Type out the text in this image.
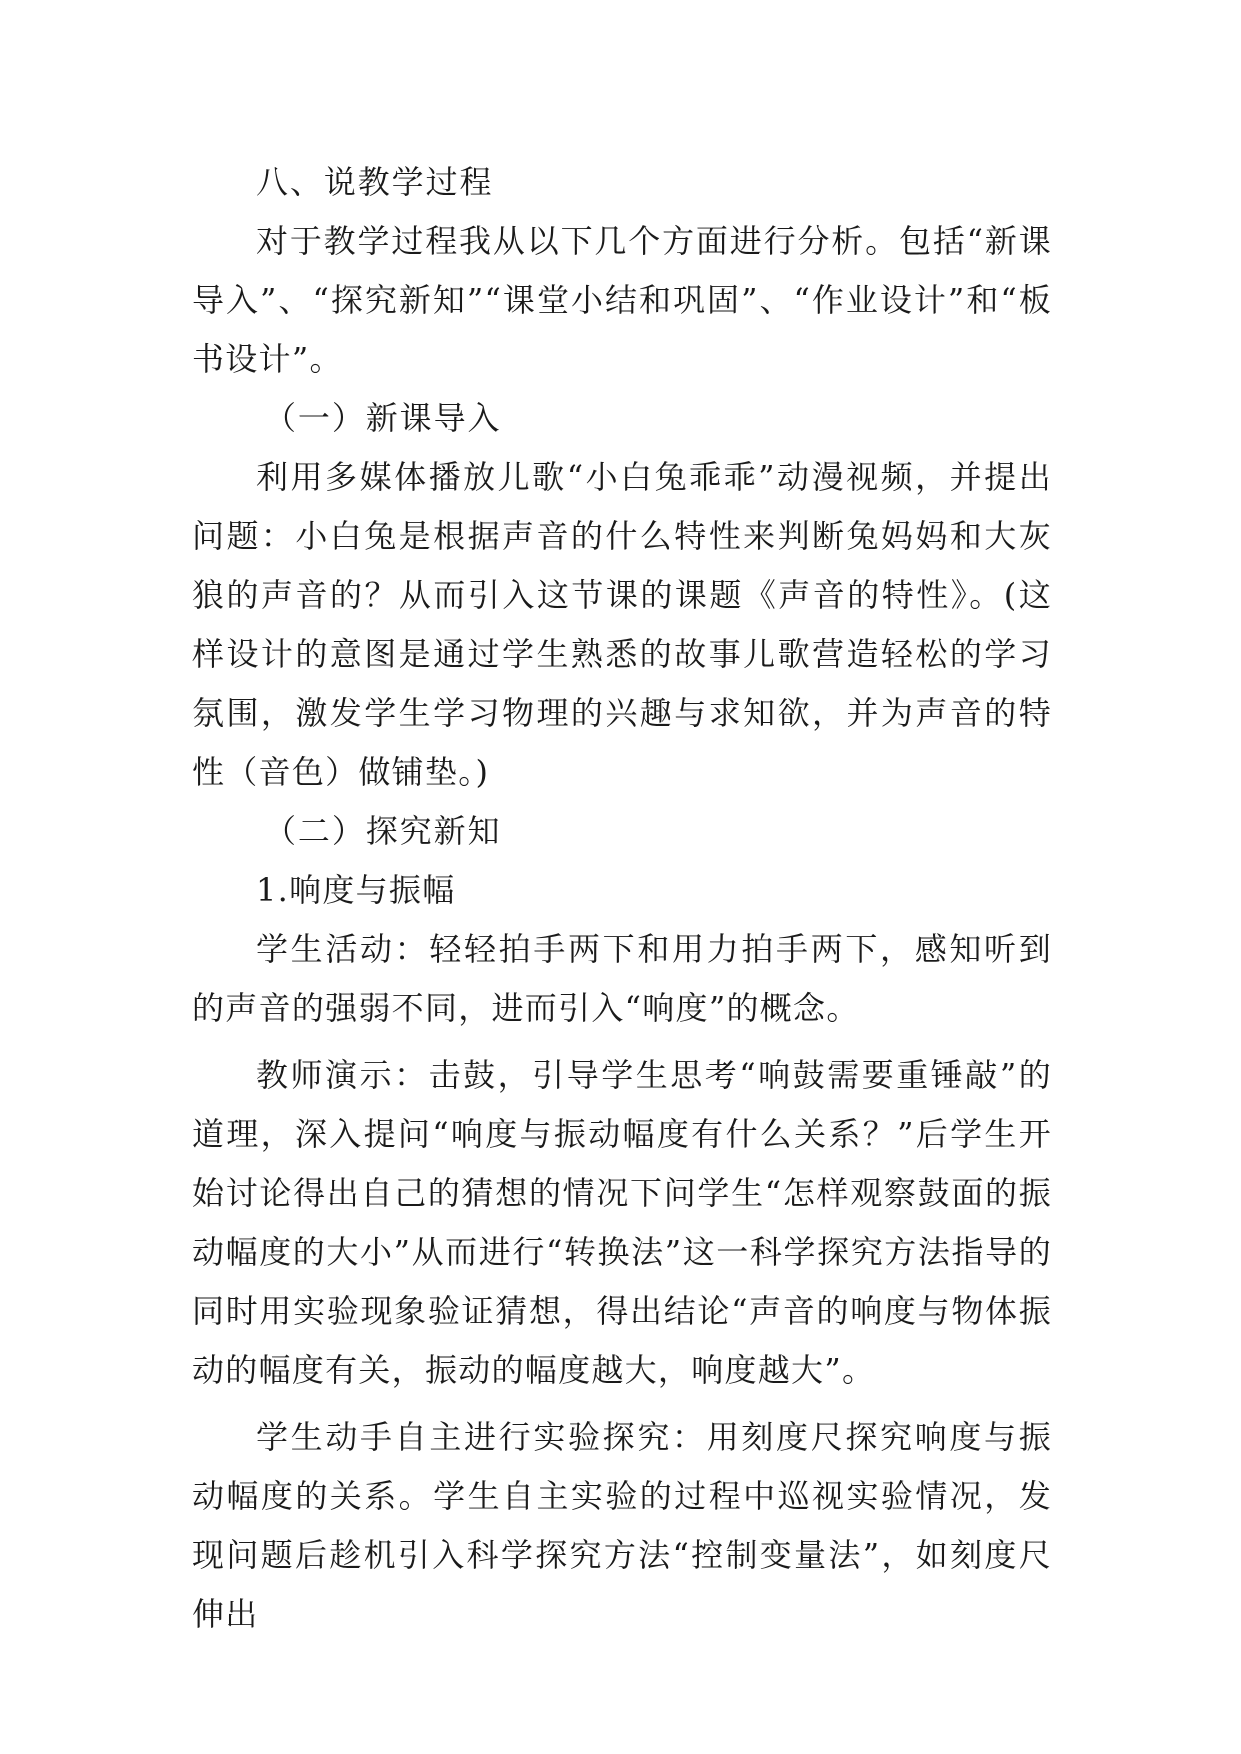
八、说教学过程

对于教学过程我从以下几个方面进行分析。包括“新课导入”、“探究新知”“课堂小结和巩固”、“作业设计”和“板书设计”。

（一）新课导入

利用多媒体播放儿歌“小白兔乖乖”动漫视频，并提出问题：小白兔是根据声音的什么特性来判断兔妈妈和大灰狼的声音的？从而引入这节课的课题《声音的特性》。(这样设计的意图是通过学生熟悉的故事儿歌营造轻松的学习氛围，激发学生学习物理的兴趣与求知欲，并为声音的特性（音色）做铺垫。)

（二）探究新知

1.响度与振幅

学生活动：轻轻拍手两下和用力拍手两下，感知听到的声音的强弱不同，进而引入“响度”的概念。

教师演示：击鼓，引导学生思考“响鼓需要重锤敲”的道理，深入提问“响度与振动幅度有什么关系？”后学生开始讨论得出自己的猜想的情况下问学生“怎样观察鼓面的振动幅度的大小”从而进行“转换法”这一科学探究方法指导的同时用实验现象验证猜想，得出结论“声音的响度与物体振动的幅度有关，振动的幅度越大，响度越大”。

学生动手自主进行实验探究：用刻度尺探究响度与振动幅度的关系。学生自主实验的过程中巡视实验情况，发现问题后趁机引入科学探究方法“控制变量法”，如刻度尺伸出
